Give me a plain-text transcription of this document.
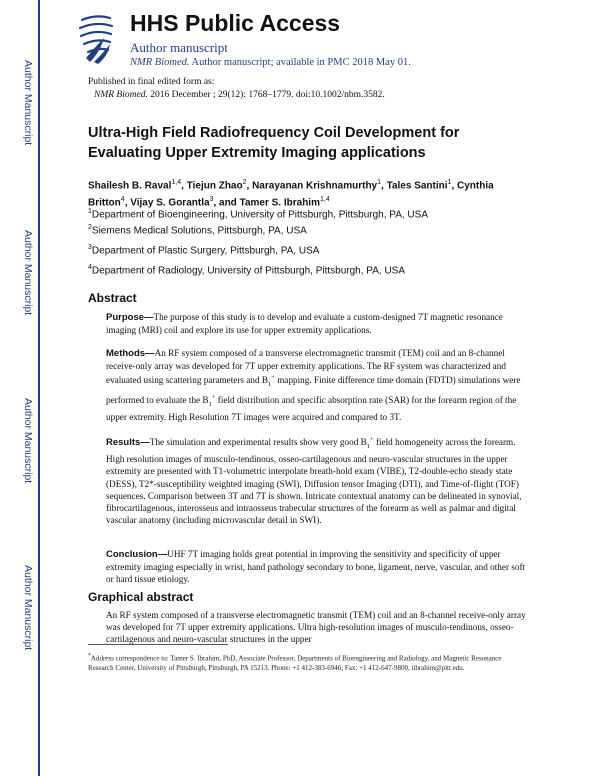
Author Manuscript
Author Manuscript
Author Manuscript
Author Manuscript
HHS Public Access
Author manuscript
NMR Biomed. Author manuscript; available in PMC 2018 May 01.
Published in final edited form as:
NMR Biomed. 2016 December ; 29(12): 1768–1779. doi:10.1002/nbm.3582.
Ultra-High Field Radiofrequency Coil Development for Evaluating Upper Extremity Imaging applications
Shailesh B. Raval$^{1,4}$, Tiejun Zhao$^2$, Narayanan Krishnamurthy$^1$, Tales Santini$^1$, Cynthia Britton$^4$, Vijay S. Gorantla$^3$, and Tamer S. Ibrahim$^{1,4}$
$^1$Department of Bioengineering, University of Pittsburgh, Pittsburgh, PA, USA
$^2$Siemens Medical Solutions, Pittsburgh, PA, USA
$^3$Department of Plastic Surgery, Pittsburgh, PA, USA
$^4$Department of Radiology, University of Pittsburgh, Pittsburgh, PA, USA
Abstract
Purpose—The purpose of this study is to develop and evaluate a custom-designed 7T magnetic resonance imaging (MRI) coil and explore its use for upper extremity applications.
Methods—An RF system composed of a transverse electromagnetic transmit (TEM) coil and an 8-channel receive-only array was developed for 7T upper extremity applications. The RF system was characterized and evaluated using scattering parameters and $B_1^+$ mapping. Finite difference time domain (FDTD) simulations were performed to evaluate the $B_1^+$ field distribution and specific absorption rate (SAR) for the forearm region of the upper extremity. High Resolution 7T images were acquired and compared to 3T.
Results—The simulation and experimental results show very good $B_1^+$ field homogeneity across the forearm. High resolution images of musculo-tendinous, osseo-cartilagenous and neuro-vascular structures in the upper extremity are presented with T1-volumetric interpolate breath-hold exam (VIBE), T2-double-echo steady state (DESS), T2*-susceptibility weighted imaging (SWI), Diffusion tensor Imaging (DTI), and Time-of-flight (TOF) sequences. Comparison between 3T and 7T is shown. Intricate contextual anatomy can be delineated in synovial, fibrocartilagenous, interosseus and intraosseus trabecular structures of the forearm as well as palmar and digital vascular anatomy (including microvascular detail in SWI).
Conclusion—UHF 7T imaging holds great potential in improving the sensitivity and specificity of upper extremity imaging especially in wrist, hand pathology secondary to bone, ligament, nerve, vascular, and other soft or hard tissue etiology.
Graphical abstract
An RF system composed of a transverse electromagnetic transmit (TEM) coil and an 8-channel receive-only array was developed for 7T upper extremity applications. Ultra high-resolution images of musculo-tendinous, osseo-cartilagenous and neuro-vascular structures in the upper
*Address correspondence to: Tamer S. Ibrahim, PhD, Associate Professor, Departments of Bioengineering and Radiology, and Magnetic Resonance Research Center, University of Pittsburgh, Pittsburgh, PA 15213. Phone: +1 412-383-6946; Fax: +1 412-647-9800, tibrahim@pitt.edu.
